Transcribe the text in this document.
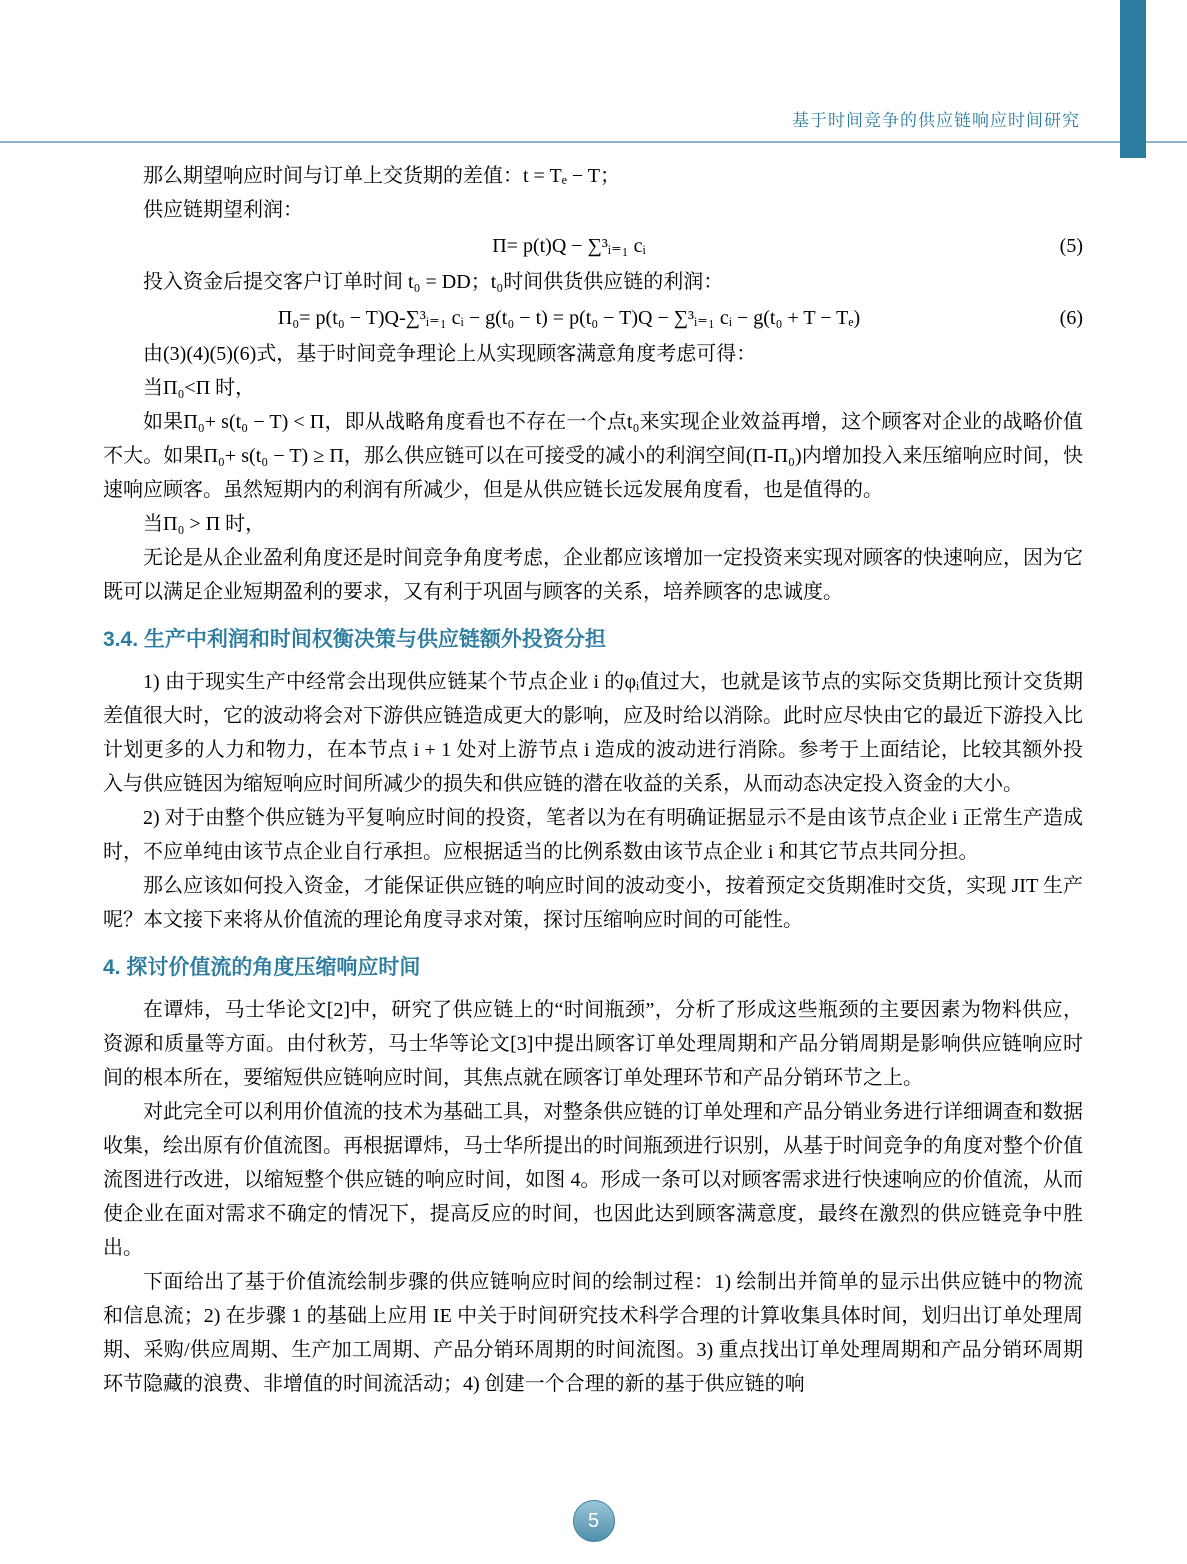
基于时间竞争的供应链响应时间研究

那么期望响应时间与订单上交货期的差值：t = Tₑ − T；

供应链期望利润：

Π= p(t)Q − ∑³ᵢ₌₁ cᵢ	(5)

投入资金后提交客户订单时间 t₀ = DD；t₀时间供货供应链的利润：

Π₀= p(t₀ − T)Q-∑³ᵢ₌₁ cᵢ − g(t₀ − t) = p(t₀ − T)Q − ∑³ᵢ₌₁ cᵢ − g(t₀ + T − Tₑ)	(6)

由(3)(4)(5)(6)式，基于时间竞争理论上从实现顾客满意角度考虑可得：

当Π₀<Π 时，

如果Π₀+ s(t₀ − T) < Π，即从战略角度看也不存在一个点t₀来实现企业效益再增，这个顾客对企业的战略价值不大。如果Π₀+ s(t₀ − T) ≥ Π，那么供应链可以在可接受的减小的利润空间(Π-Π₀)内增加投入来压缩响应时间，快速响应顾客。虽然短期内的利润有所减少，但是从供应链长远发展角度看，也是值得的。

当Π₀ > Π 时，

无论是从企业盈利角度还是时间竞争角度考虑，企业都应该增加一定投资来实现对顾客的快速响应，因为它既可以满足企业短期盈利的要求，又有利于巩固与顾客的关系，培养顾客的忠诚度。

3.4. 生产中利润和时间权衡决策与供应链额外投资分担

1) 由于现实生产中经常会出现供应链某个节点企业 i 的φᵢ值过大，也就是该节点的实际交货期比预计交货期差值很大时，它的波动将会对下游供应链造成更大的影响，应及时给以消除。此时应尽快由它的最近下游投入比计划更多的人力和物力，在本节点 i + 1 处对上游节点 i 造成的波动进行消除。参考于上面结论，比较其额外投入与供应链因为缩短响应时间所减少的损失和供应链的潜在收益的关系，从而动态决定投入资金的大小。

2) 对于由整个供应链为平复响应时间的投资，笔者以为在有明确证据显示不是由该节点企业 i 正常生产造成时，不应单纯由该节点企业自行承担。应根据适当的比例系数由该节点企业 i 和其它节点共同分担。

那么应该如何投入资金，才能保证供应链的响应时间的波动变小，按着预定交货期准时交货，实现 JIT 生产呢？本文接下来将从价值流的理论角度寻求对策，探讨压缩响应时间的可能性。

4. 探讨价值流的角度压缩响应时间

在谭炜，马士华论文[2]中，研究了供应链上的“时间瓶颈”，分析了形成这些瓶颈的主要因素为物料供应，资源和质量等方面。由付秋芳，马士华等论文[3]中提出顾客订单处理周期和产品分销周期是影响供应链响应时间的根本所在，要缩短供应链响应时间，其焦点就在顾客订单处理环节和产品分销环节之上。

对此完全可以利用价值流的技术为基础工具，对整条供应链的订单处理和产品分销业务进行详细调查和数据收集，绘出原有价值流图。再根据谭炜，马士华所提出的时间瓶颈进行识别，从基于时间竞争的角度对整个价值流图进行改进，以缩短整个供应链的响应时间，如图 4。形成一条可以对顾客需求进行快速响应的价值流，从而使企业在面对需求不确定的情况下，提高反应的时间，也因此达到顾客满意度，最终在激烈的供应链竞争中胜出。

下面给出了基于价值流绘制步骤的供应链响应时间的绘制过程：1) 绘制出并简单的显示出供应链中的物流和信息流；2) 在步骤 1 的基础上应用 IE 中关于时间研究技术科学合理的计算收集具体时间，划归出订单处理周期、采购/供应周期、生产加工周期、产品分销环周期的时间流图。3) 重点找出订单处理周期和产品分销环周期环节隐藏的浪费、非增值的时间流活动；4) 创建一个合理的新的基于供应链的响

5
